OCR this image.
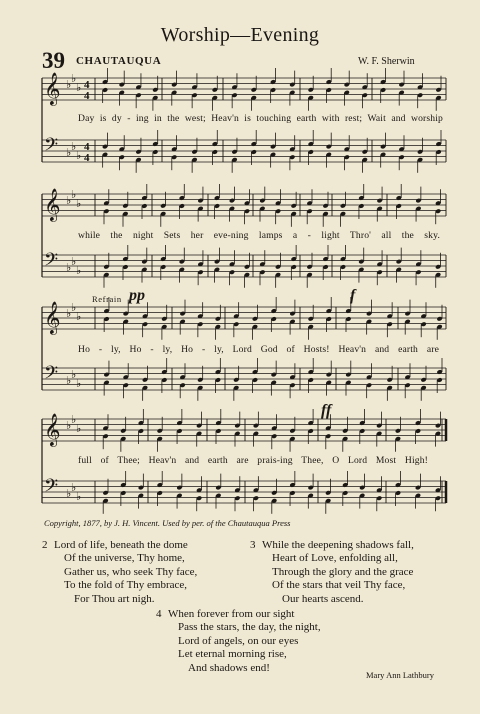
Worship—Evening
39 CHAUTAUQUA	W. F. Sherwin
𝄞 ♭ ♭
♭ 4
4
𝄢 ♭ ♭
♭
4
4
𝄞 ♭ ♭
♭
𝄢 ♭ ♭
♭
𝄞 ♭ ♭
♭
𝄢 ♭ ♭
♭
𝄞 ♭ ♭
♭
𝄢 ♭ ♭
♭
Day is dy - ing in the west; Heav'n is touching earth with rest; Wait and worship
while the night Sets her eve-ning lamps a - light Thro' all the sky.
Refrain pp	f
Ho - ly, Ho - ly, Ho - ly, Lord God of Hosts! Heav'n and earth are
ff
full of Thee; Heav'n and earth are prais-ing Thee, O Lord Most High!
Copyright, 1877, by J. H. Vincent. Used by per. of the Chautauqua Press
2 Lord of life, beneath the dome
Of the universe, Thy home,
Gather us, who seek Thy face,
To the fold of Thy embrace,
For Thou art nigh.
3 While the deepening shadows fall,
Heart of Love, enfolding all,
Through the glory and the grace
Of the stars that veil Thy face,
Our hearts ascend.
4 When forever from our sight
Pass the stars, the day, the night,
Lord of angels, on our eyes
Let eternal morning rise,
And shadows end!
Mary Ann Lathbury
